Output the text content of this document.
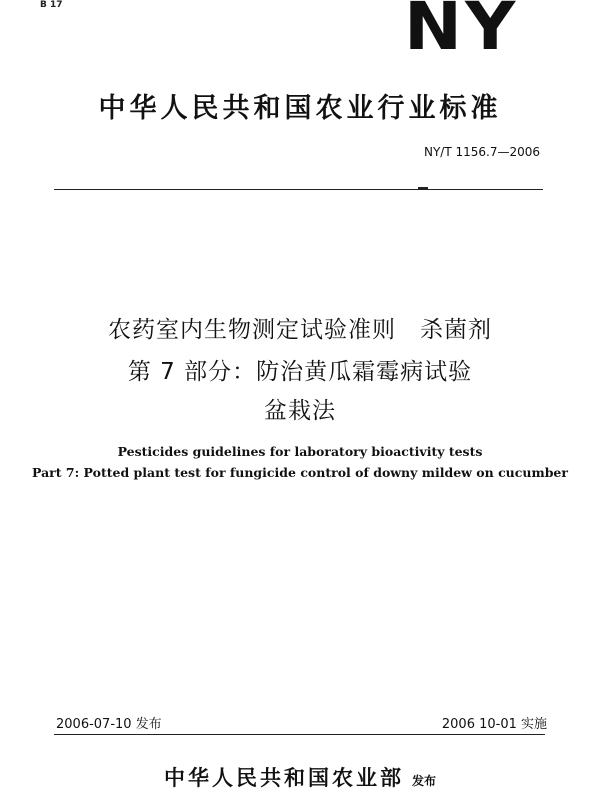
B 17	NY
中华人民共和国农业行业标准
NY/T 1156.7—2006
农药室内生物测定试验准则　杀菌剂
第 7 部分：防治黄瓜霜霉病试验
盆栽法
Pesticides guidelines for laboratory bioactivity tests
Part 7: Potted plant test for fungicide control of downy mildew on cucumber
2006-07-10 发布	2006 10-01 实施
中华人民共和国农业部 发布
